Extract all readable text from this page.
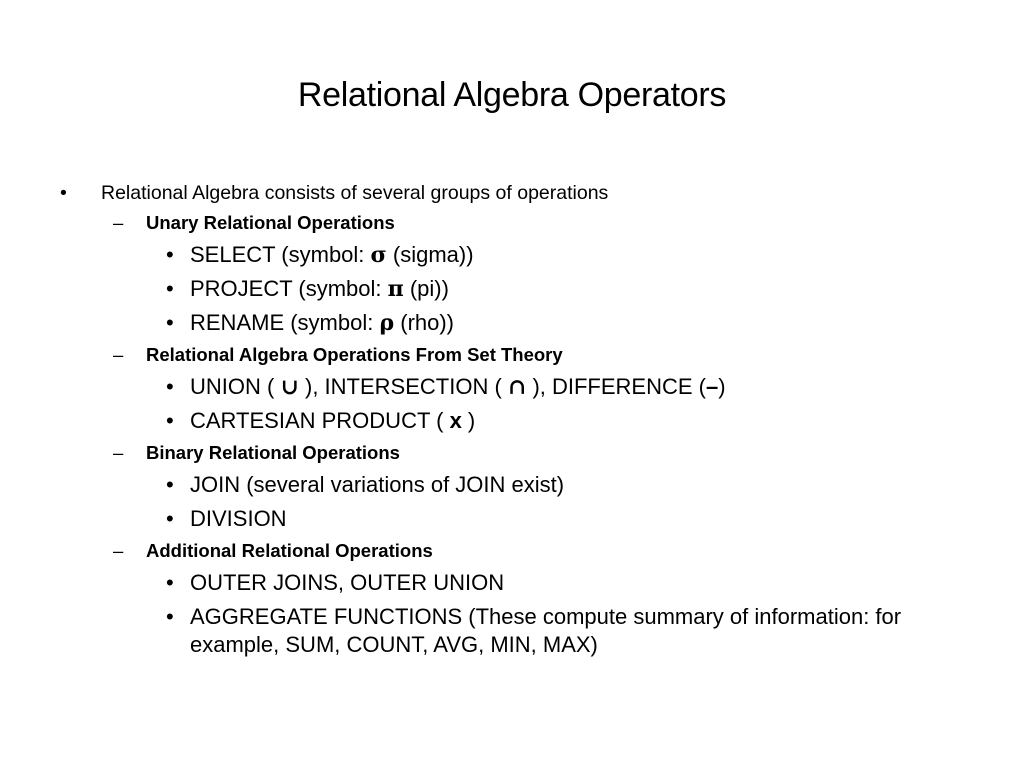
Relational Algebra Operators
• Relational Algebra consists of several groups of operations
– Unary Relational Operations
• SELECT (symbol: σ (sigma))
• PROJECT (symbol: π (pi))
• RENAME (symbol: ρ (rho))
– Relational Algebra Operations From Set Theory
• UNION ( ∪ ), INTERSECTION ( ∩ ), DIFFERENCE (–)
• CARTESIAN PRODUCT ( x )
– Binary Relational Operations
• JOIN (several variations of JOIN exist)
• DIVISION
– Additional Relational Operations
• OUTER JOINS, OUTER UNION
• AGGREGATE FUNCTIONS (These compute summary of information: for example, SUM, COUNT, AVG, MIN, MAX)
